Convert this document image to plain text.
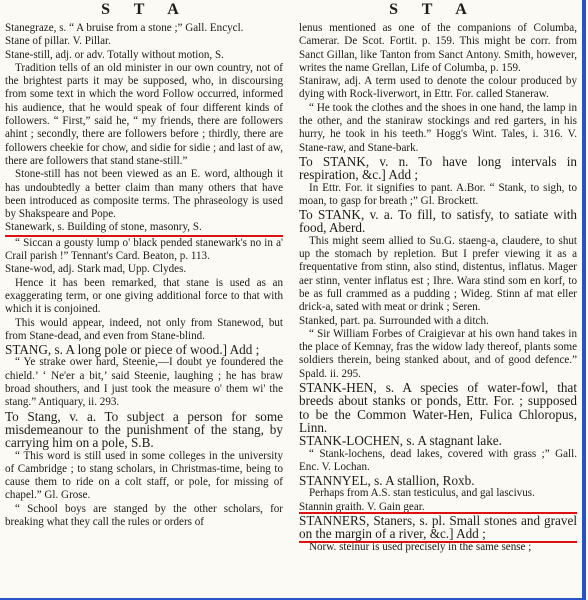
S T A	S T A

Stanegraze, s. “ A bruise from a stone ;” Gall. Encycl.

Stane of pillar. V. Pillar.

Stane-still, adj. or adv. Totally without motion, S.

Tradition tells of an old minister in our own country, not of the brightest parts it may be supposed, who, in discoursing from some text in which the word Follow occurred, informed his audience, that he would speak of four different kinds of followers. “ First,” said he, “ my friends, there are followers ahint ; secondly, there are followers before ; thirdly, there are followers cheekie for chow, and sidie for sidie ; and last of aw, there are followers that stand stane-still.”

Stone-still has not been viewed as an E. word, although it has undoubtedly a better claim than many others that have been introduced as composite terms. The phraseology is used by Shakspeare and Pope.

Stanewark, s. Building of stone, masonry, S.

“ Siccan a gousty lump o' black pended stanewark's no in a' Crail parish !” Tennant's Card. Beaton, p. 113.

Stane-wod, adj. Stark mad, Upp. Clydes.

Hence it has been remarked, that stane is used as an exaggerating term, or one giving additional force to that with which it is conjoined.

This would appear, indeed, not only from Stanewod, but from Stane-dead, and even from Stane-blind.

STANG, s. A long pole or piece of wood.] Add ;

“ Ye strake ower hard, Steenie,—I doubt ye foundered the chield.’ ‘ Ne'er a bit,’ said Steenie, laughing ; he has braw broad shouthers, and I just took the measure o' them wi' the stang.” Antiquary, ii. 293.

To Stang, v. a. To subject a person for some misdemeanour to the punishment of the stang, by carrying him on a pole, S.B.

“ This word is still used in some colleges in the university of Cambridge ; to stang scholars, in Christmas-time, being to cause them to ride on a colt staff, or pole, for missing of chapel.” Gl. Grose.

“ School boys are stanged by the other scholars, for breaking what they call the rules or orders of

lenus mentioned as one of the companions of Columba, Camerar. De Scot. Fortit. p. 159. This might be corr. from Sanct Gillan, like Tanton from Sanct Antony. Smith, however, writes the name Grellan, Life of Columba, p. 159.

Staniraw, adj. A term used to denote the colour produced by dying with Rock-liverwort, in Ettr. For. called Staneraw.

“ He took the clothes and the shoes in one hand, the lamp in the other, and the staniraw stockings and red garters, in his hurry, he took in his teeth.” Hogg's Wint. Tales, i. 316. V. Stane-raw, and Stane-bark.

To STANK, v. n. To have long intervals in respiration, &c.] Add ;

In Ettr. For. it signifies to pant. A.Bor. “ Stank, to sigh, to moan, to gasp for breath ;” Gl. Brockett.

To STANK, v. a. To fill, to satisfy, to satiate with food, Aberd.

This might seem allied to Su.G. staeng-a, claudere, to shut up the stomach by repletion. But I prefer viewing it as a frequentative from stinn, also stind, distentus, inflatus. Mager aer stinn, venter inflatus est ; Ihre. Wara stind som en korf, to be as full crammed as a pudding ; Wideg. Stinn af mat eller drick-a, sated with meat or drink ; Seren.

Stanked, part. pa. Surrounded with a ditch.

“ Sir William Forbes of Craigievar at his own hand takes in the place of Kemnay, fras the widow lady thereof, plants some soldiers therein, being stanked about, and of good defence.” Spald. ii. 295.

STANK-HEN, s. A species of water-fowl, that breeds about stanks or ponds, Ettr. For. ; supposed to be the Common Water-Hen, Fulica Chloropus, Linn.

STANK-LOCHEN, s. A stagnant lake.

“ Stank-lochens, dead lakes, covered with grass ;” Gall. Enc. V. Lochan.

STANNYEL, s. A stallion, Roxb.

Perhaps from A.S. stan testiculus, and gal lascivus.

Stannin graith. V. Gain gear.

STANNERS, Staners, s. pl. Small stones and gravel on the margin of a river, &c.] Add ;

Norw. steinur is used precisely in the same sense ;
